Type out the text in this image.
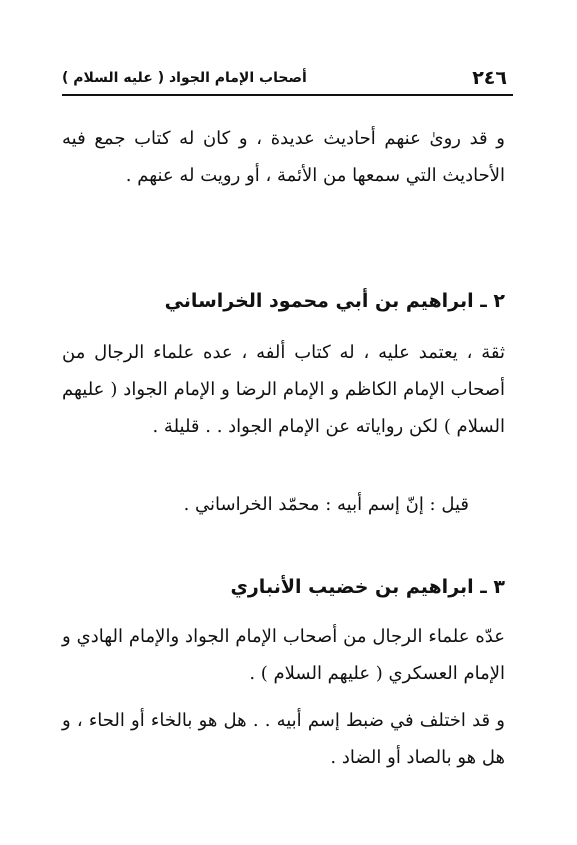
٢٤٦
أصحاب الإمام الجواد ( عليه السلام )

و قد روىٰ عنهم أحاديث عديدة ، و كان له كتاب جمع فيه الأحاديث التي سمعها من الأئمة ، أو رويت له عنهم .

٢ ـ ابراهيم بن أبي محمود الخراساني

ثقة ، يعتمد عليه ، له كتاب ألفه ، عده علماء الرجال من أصحاب الإمام الكاظم و الإمام الرضا و الإمام الجواد ( عليهم السلام ) لكن رواياته عن الإمام الجواد . . قليلة .

قيل : إنّ إسم أبيه : محمّد الخراساني .
٣ ـ ابراهيم بن خضيب الأنباري

عدّه علماء الرجال من أصحاب الإمام الجواد والإمام الهادي و الإمام العسكري ( عليهم السلام ) .

و قد اختلف في ضبط إسم أبيه . . هل هو بالخاء أو الحاء ، و هل هو بالصاد أو الضاد .
